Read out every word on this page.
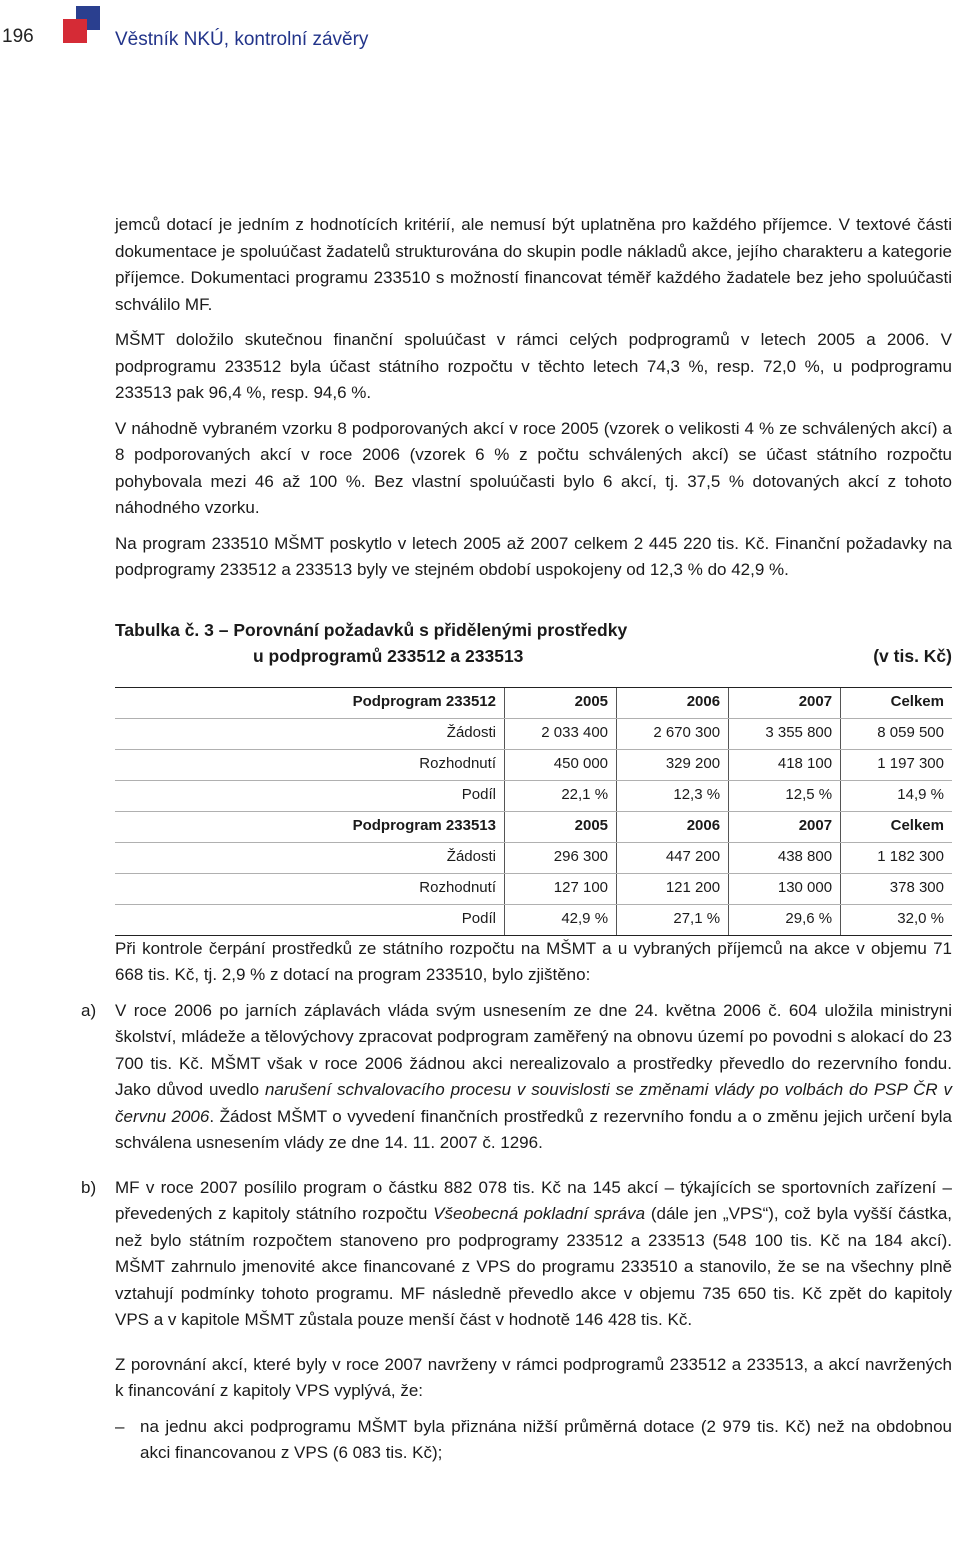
196	Věstník NKÚ, kontrolní závěry

jemců dotací je jedním z hodnotících kritérií, ale nemusí být uplatněna pro každého příjemce. V textové části dokumentace je spoluúčast žadatelů strukturována do skupin podle nákladů akce, jejího charakteru a kategorie příjemce. Dokumentaci programu 233510 s možností financovat téměř každého žadatele bez jeho spoluúčasti schválilo MF.

MŠMT doložilo skutečnou finanční spoluúčast v rámci celých podprogramů v letech 2005 a 2006. V podprogramu 233512 byla účast státního rozpočtu v těchto letech 74,3 %, resp. 72,0 %, u podprogramu 233513 pak 96,4 %, resp. 94,6 %.

V náhodně vybraném vzorku 8 podporovaných akcí v roce 2005 (vzorek o velikosti 4 % ze schválených akcí) a 8 podporovaných akcí v roce 2006 (vzorek 6 % z počtu schválených akcí) se účast státního rozpočtu pohybovala mezi 46 až 100 %. Bez vlastní spoluúčasti bylo 6 akcí, tj. 37,5 % dotovaných akcí z tohoto náhodného vzorku.

Na program 233510 MŠMT poskytlo v letech 2005 až 2007 celkem 2 445 220 tis. Kč. Finanční požadavky na podprogramy 233512 a 233513 byly ve stejném období uspokojeny od 12,3 % do 42,9 %.

Tabulka č. 3 – Porovnání požadavků s přidělenými prostředky
u podprogramů 233512 a 233513	(v tis. Kč)
Podprogram 233512	2005	2006	2007	Celkem
Žádosti	2 033 400	2 670 300	3 355 800	8 059 500
Rozhodnutí	450 000	329 200	418 100	1 197 300
Podíl	22,1 %	12,3 %	12,5 %	14,9 %
Podprogram 233513	2005	2006	2007	Celkem
Žádosti	296 300	447 200	438 800	1 182 300
Rozhodnutí	127 100	121 200	130 000	378 300
Podíl	42,9 %	27,1 %	29,6 %	32,0 %

Při kontrole čerpání prostředků ze státního rozpočtu na MŠMT a u vybraných příjemců na akce v objemu 71 668 tis. Kč, tj. 2,9 % z dotací na program 233510, bylo zjištěno:

a) V roce 2006 po jarních záplavách vláda svým usnesením ze dne 24. května 2006 č. 604 uložila ministryni školství, mládeže a tělovýchovy zpracovat podprogram zaměřený na obnovu území po povodni s alokací do 23 700 tis. Kč. MŠMT však v roce 2006 žádnou akci nerealizovalo a prostředky převedlo do rezervního fondu. Jako důvod uvedlo narušení schvalovacího procesu v souvislosti se změnami vlády po volbách do PSP ČR v červnu 2006. Žádost MŠMT o vyvedení finančních prostředků z rezervního fondu a o změnu jejich určení byla schválena usnesením vlády ze dne 14. 11. 2007 č. 1296.

b) MF v roce 2007 posílilo program o částku 882 078 tis. Kč na 145 akcí – týkajících se sportovních zařízení – převedených z kapitoly státního rozpočtu Všeobecná pokladní správa (dále jen „VPS“), což byla vyšší částka, než bylo státním rozpočtem stanoveno pro podprogramy 233512 a 233513 (548 100 tis. Kč na 184 akcí). MŠMT zahrnulo jmenovité akce financované z VPS do programu 233510 a stanovilo, že se na všechny plně vztahují podmínky tohoto programu. MF následně převedlo akce v objemu 735 650 tis. Kč zpět do kapitoly VPS a v kapitole MŠMT zůstala pouze menší část v hodnotě 146 428 tis. Kč.

Z porovnání akcí, které byly v roce 2007 navrženy v rámci podprogramů 233512 a 233513, a akcí navržených k financování z kapitoly VPS vyplývá, že:

– na jednu akci podprogramu MŠMT byla přiznána nižší průměrná dotace (2 979 tis. Kč) než na obdobnou akci financovanou z VPS (6 083 tis. Kč);
